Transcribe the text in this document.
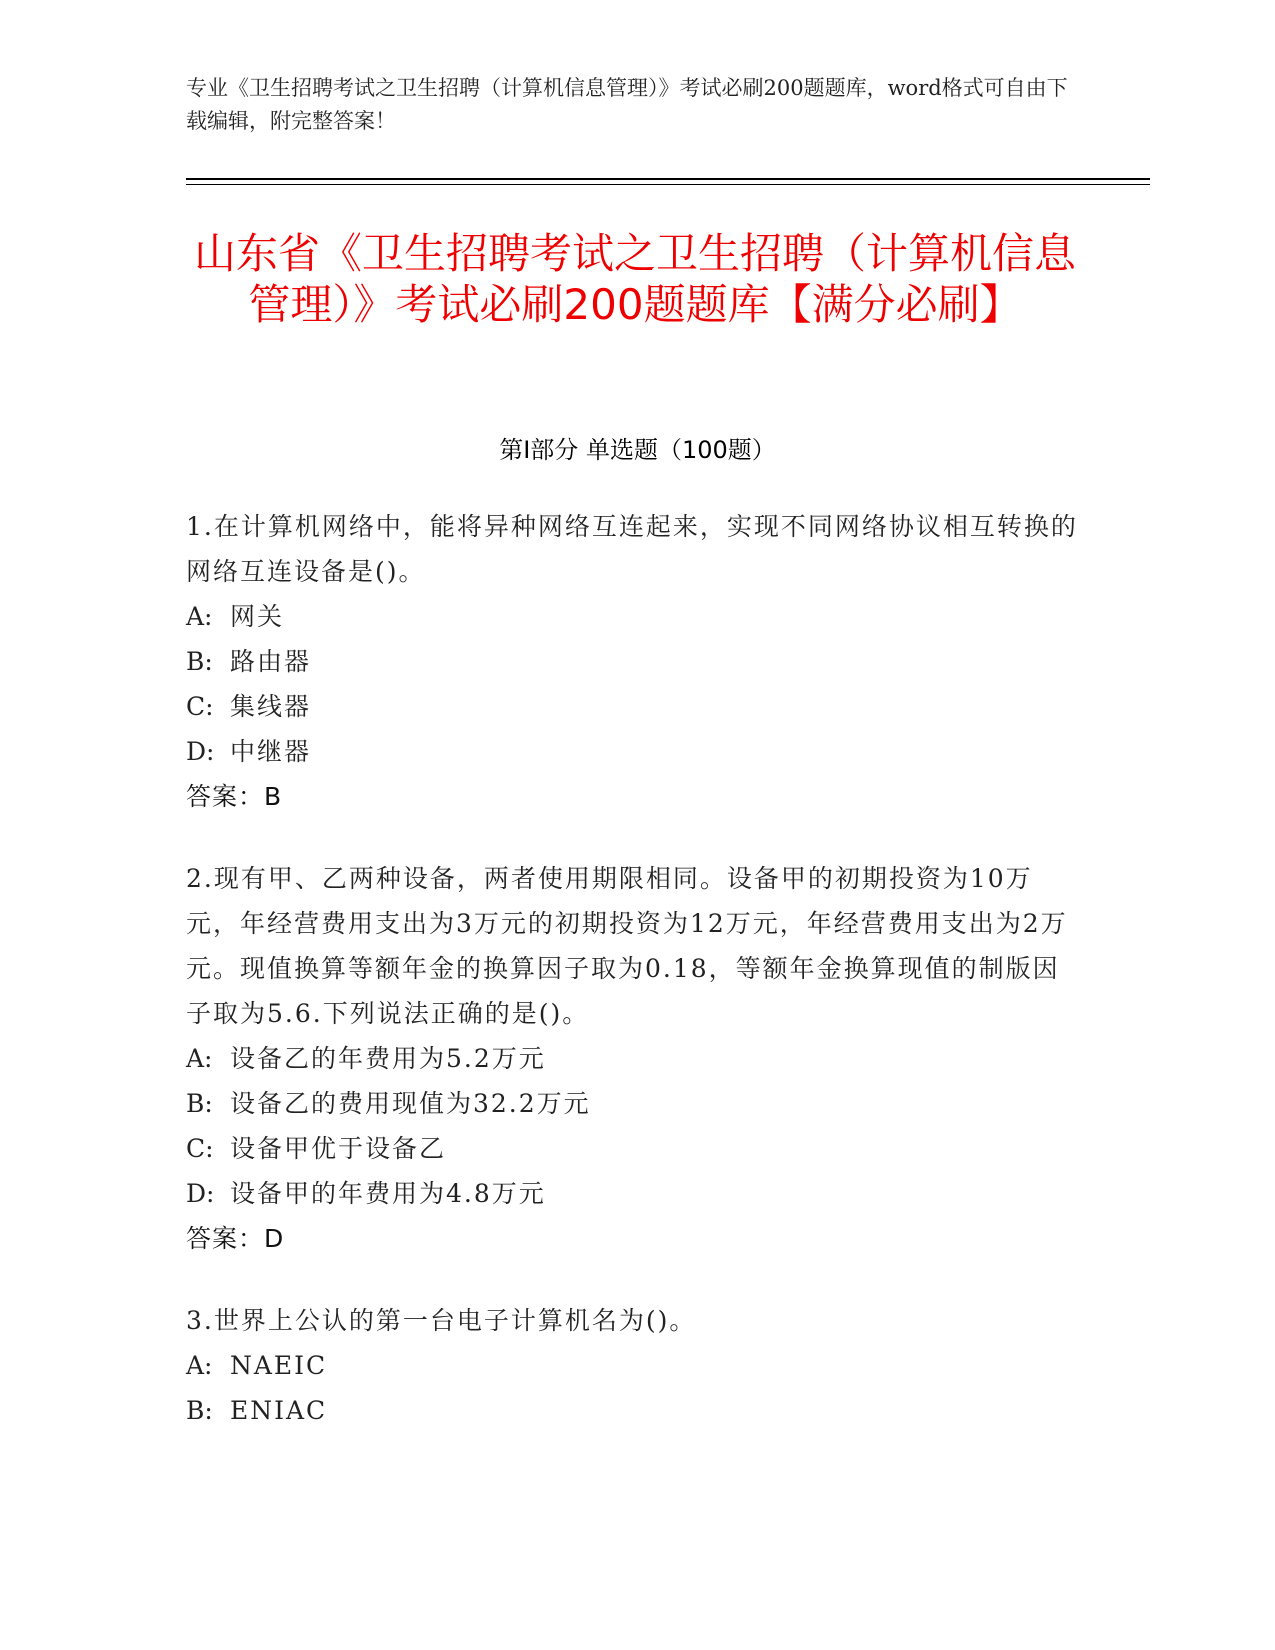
专业《卫生招聘考试之卫生招聘（计算机信息管理）》考试必刷200题题库，word格式可自由下载编辑，附完整答案！
山东省《卫生招聘考试之卫生招聘（计算机信息管理）》考试必刷200题题库【满分必刷】
第Ⅰ部分 单选题（100题）

1.在计算机网络中，能将异种网络互连起来，实现不同网络协议相互转换的网络互连设备是()。

A: 网关

B: 路由器

C: 集线器

D: 中继器

答案：B

2.现有甲、乙两种设备，两者使用期限相同。设备甲的初期投资为10万元，年经营费用支出为3万元的初期投资为12万元，年经营费用支出为2万元。现值换算等额年金的换算因子取为0.18，等额年金换算现值的制版因子取为5.6.下列说法正确的是()。

A: 设备乙的年费用为5.2万元

B: 设备乙的费用现值为32.2万元

C: 设备甲优于设备乙

D: 设备甲的年费用为4.8万元

答案：D

3.世界上公认的第一台电子计算机名为()。

A: NAEIC

B: ENIAC
